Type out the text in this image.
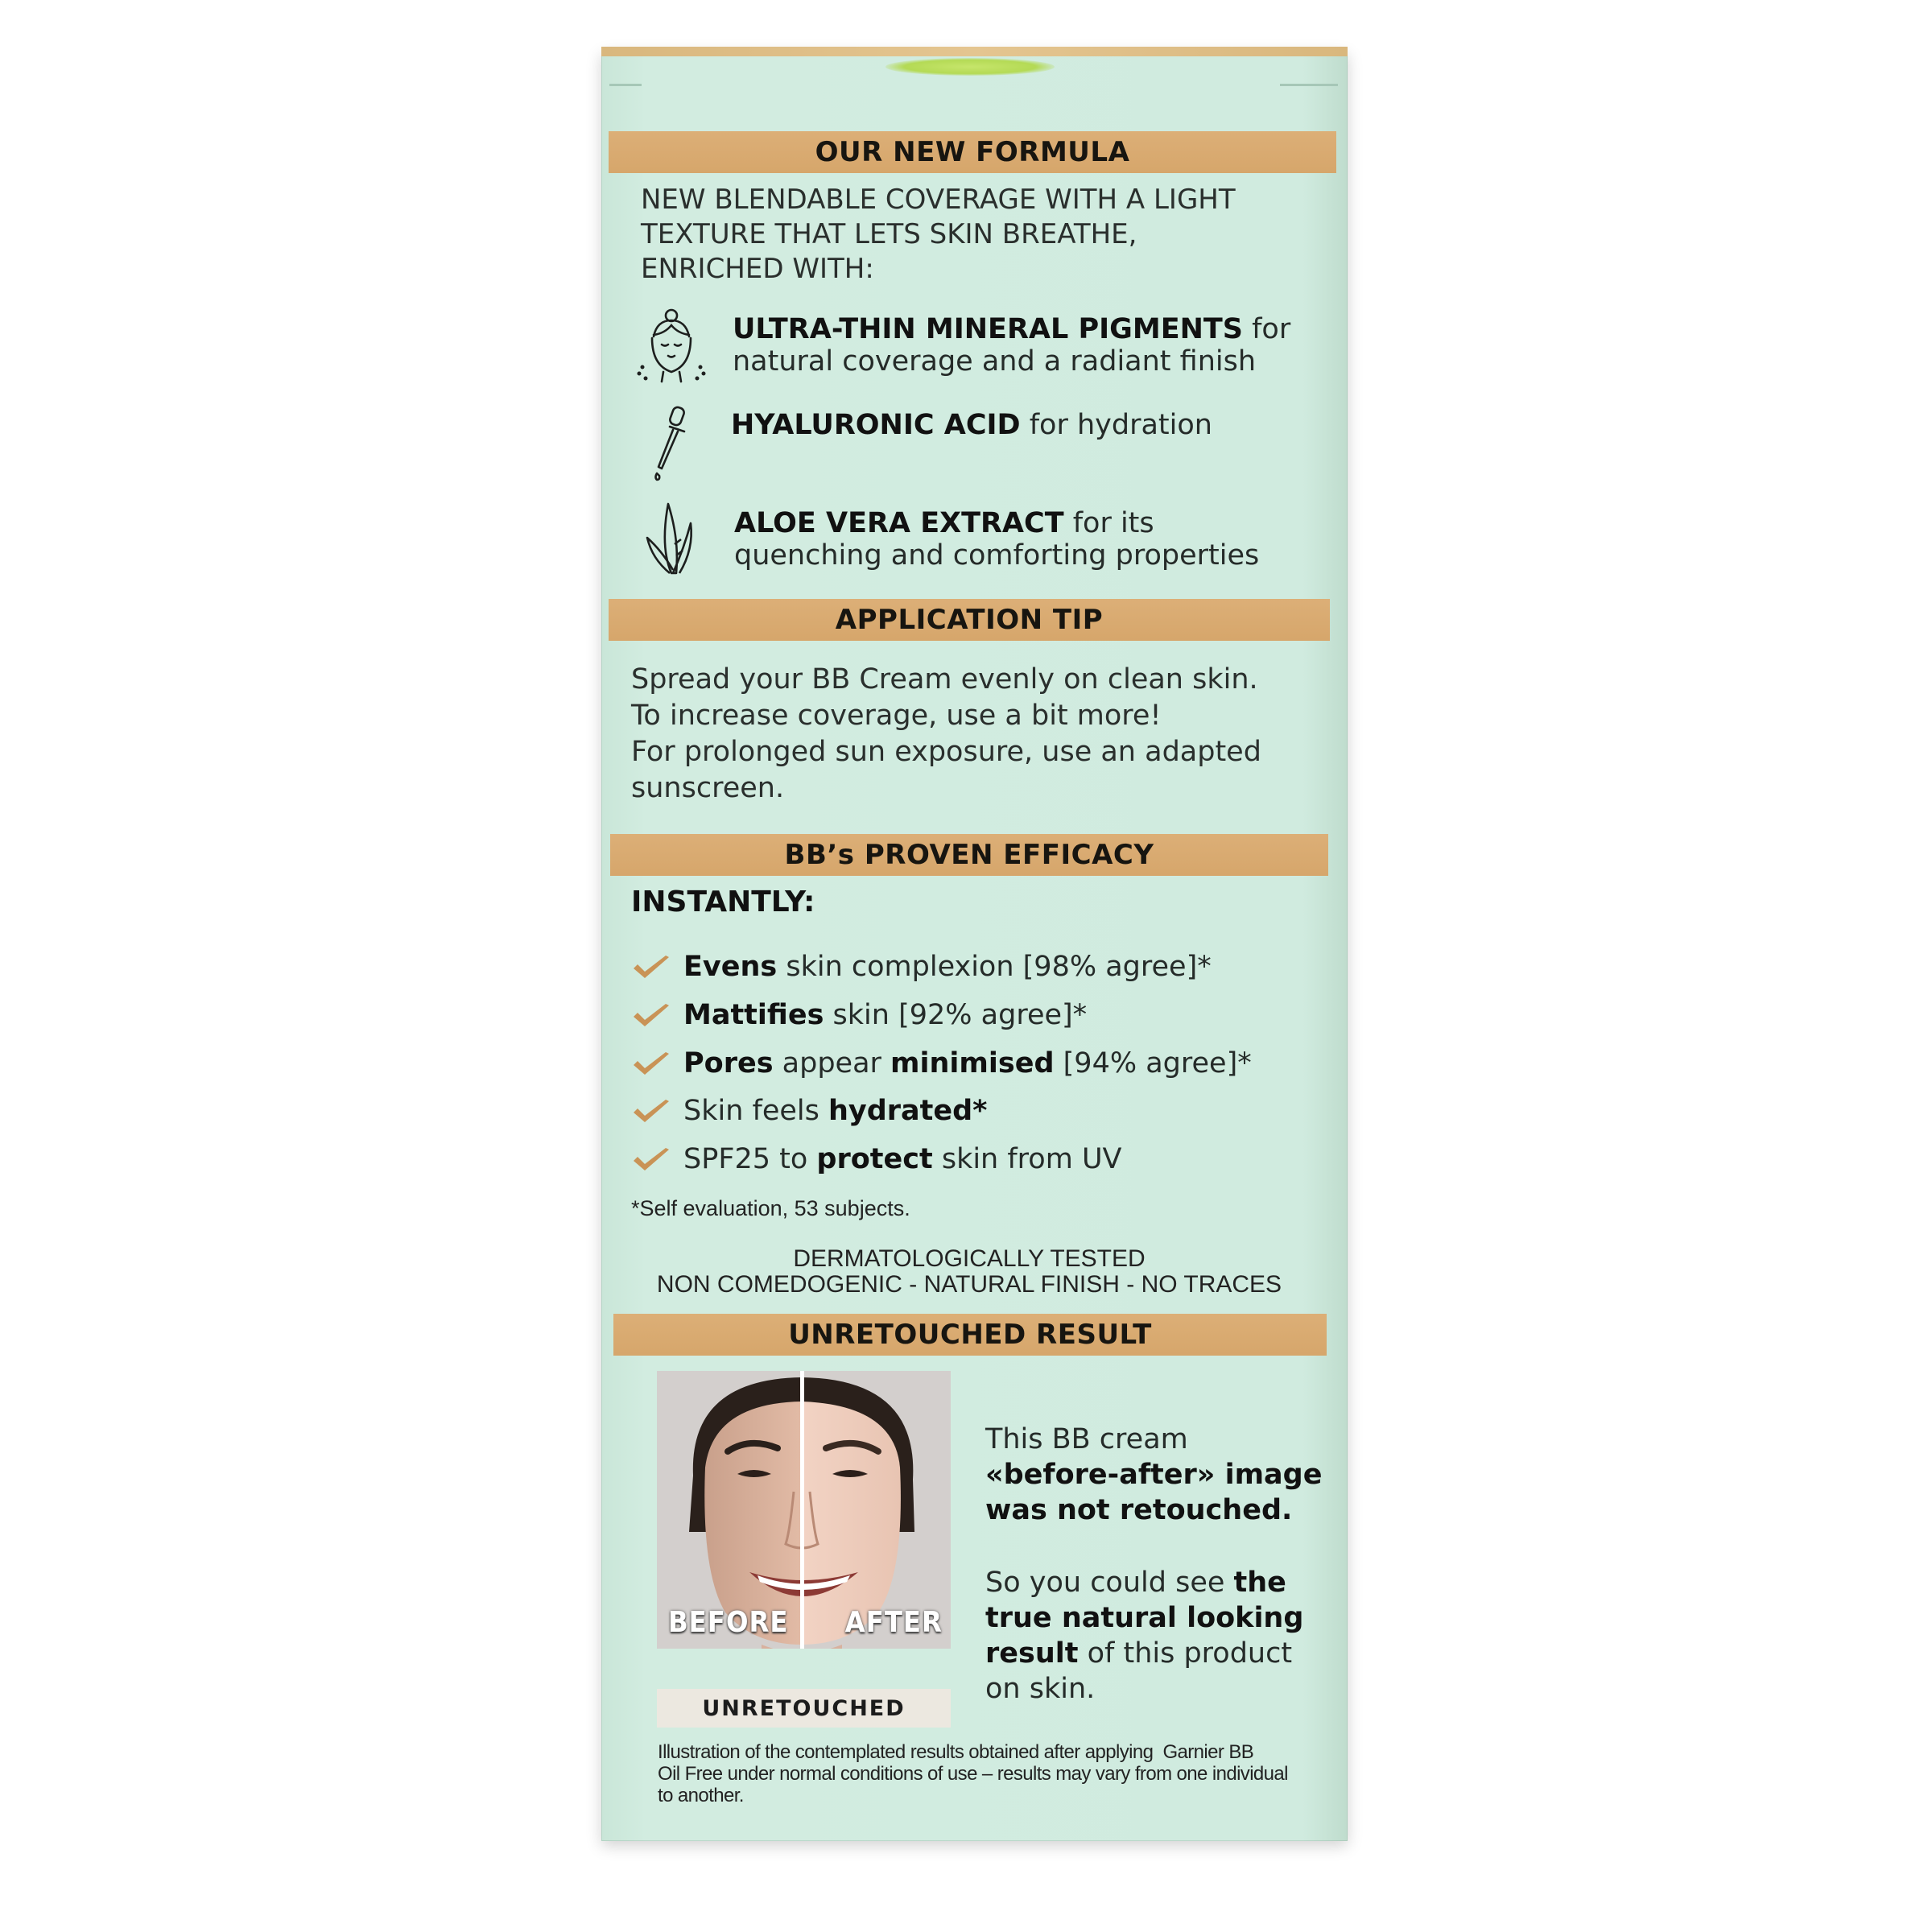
OUR NEW FORMULA
NEW BLENDABLE COVERAGE WITH A LIGHT
TEXTURE THAT LETS SKIN BREATHE,
ENRICHED WITH:
ULTRA-THIN MINERAL PIGMENTS for
natural coverage and a radiant finish
HYALURONIC ACID for hydration
ALOE VERA EXTRACT for its
quenching and comforting properties
APPLICATION TIP
Spread your BB Cream evenly on clean skin.
To increase coverage, use a bit more!
For prolonged sun exposure, use an adapted
sunscreen.
BB’s PROVEN EFFICACY
INSTANTLY:
Evens skin complexion [98% agree]*
Mattifies skin [92% agree]*
Pores appear minimised [94% agree]*
Skin feels hydrated*
SPF25 to protect skin from UV
*Self evaluation, 53 subjects.
DERMATOLOGICALLY TESTED
NON COMEDOGENIC - NATURAL FINISH - NO TRACES
UNRETOUCHED RESULT
BEFORE AFTER
UNRETOUCHED
This BB cream
«before-after» image
was not retouched.
So you could see the
true natural looking
result of this product
on skin.
Illustration of the contemplated results obtained after applying  Garnier BB
Oil Free under normal conditions of use – results may vary from one individual
to another.
